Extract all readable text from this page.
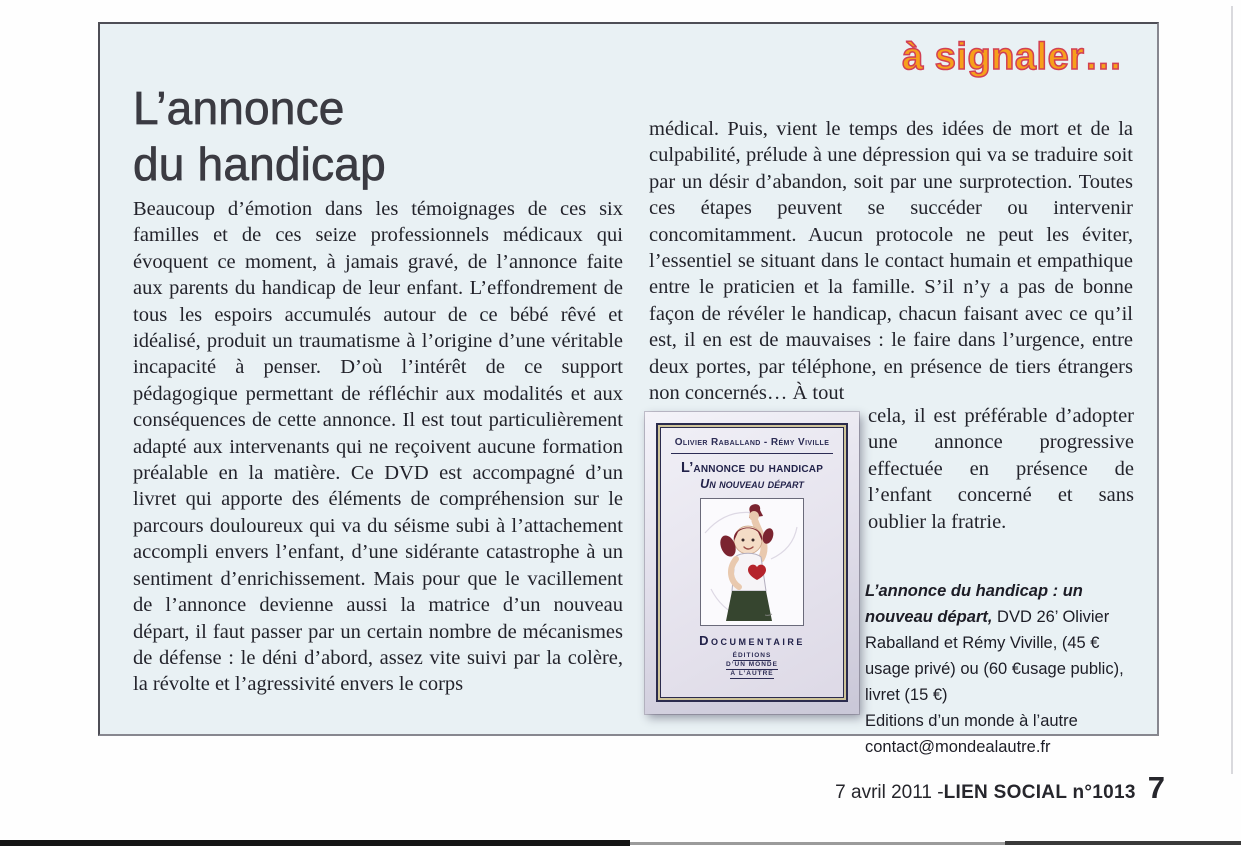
à signaler…
L’annonce
du handicap
Beaucoup d’émotion dans les témoignages de ces six familles et de ces seize professionnels médicaux qui évoquent ce moment, à jamais gravé, de l’annonce faite aux parents du handicap de leur enfant. L’effondrement de tous les espoirs accumulés autour de ce bébé rêvé et idéalisé, produit un traumatisme à l’origine d’une véritable incapacité à penser. D’où l’intérêt de ce support pédagogique permettant de réfléchir aux modalités et aux conséquences de cette annonce. Il est tout particulièrement adapté aux intervenants qui ne reçoivent aucune formation préalable en la matière. Ce DVD est accompagné d’un livret qui apporte des éléments de compréhension sur le parcours douloureux qui va du séisme subi à l’attachement accompli envers l’enfant, d’une sidérante catastrophe à un sentiment d’enrichissement. Mais pour que le vacillement de l’annonce devienne aussi la matrice d’un nouveau départ, il faut passer par un certain nombre de mécanismes de défense : le déni d’abord, assez vite suivi par la colère, la révolte et l’agressivité envers le corps
médical. Puis, vient le temps des idées de mort et de la culpabilité, prélude à une dépression qui va se traduire soit par un désir d’abandon, soit par une surprotection. Toutes ces étapes peuvent se succéder ou intervenir concomitamment. Aucun protocole ne peut les éviter, l’essentiel se situant dans le contact humain et empathique entre le praticien et la famille. S’il n’y a pas de bonne façon de révéler le handicap, chacun faisant avec ce qu’il est, il en est de mauvaises : le faire dans l’urgence, entre deux portes, par téléphone, en présence de tiers étrangers non concernés… À tout
cela, il est préférable d’adopter une annonce progressive effectuée en présence de l’enfant concerné et sans oublier la fratrie.
Olivier Raballand - Rémy Viville
L’annonce du handicap
Un nouveau départ
Documentaire
ÉDITIONS
D’UN MONDE
À L’AUTRE
L’annonce du handicap : un nouveau départ, DVD 26’ Olivier Raballand et Rémy Viville, (45 € usage privé) ou (60 €usage public), livret (15 €)
Editions d’un monde à l’autre
contact@mondealautre.fr
7 avril 2011 - LIEN SOCIAL n°1013 7
